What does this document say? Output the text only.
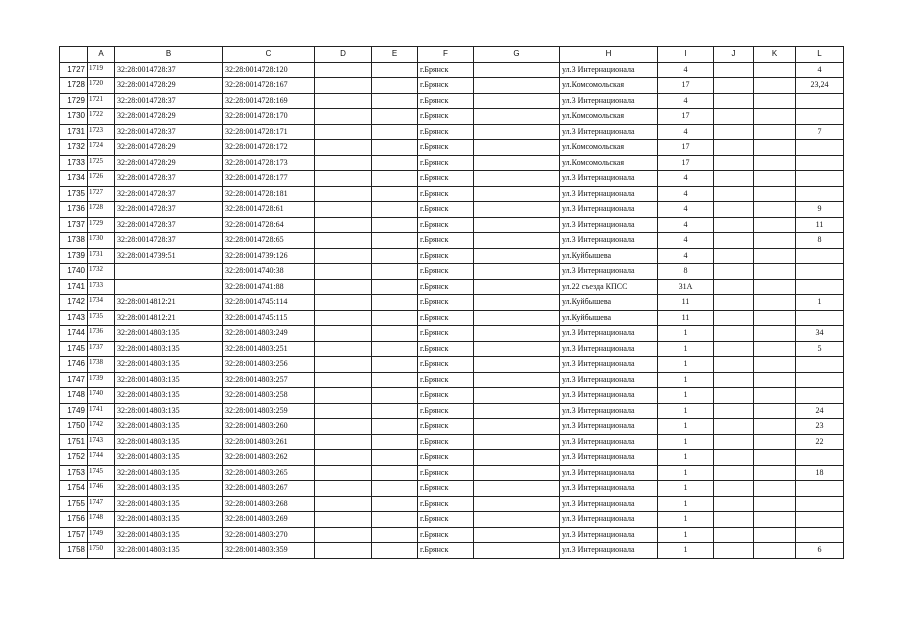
	A	B	C	D	E	F	G	H	I	J	K	L
1727	1719	32:28:0014728:37	32:28:0014728:120			г.Брянск		ул.3 Интернационала	4			4
1728	1720	32:28:0014728:29	32:28:0014728:167			г.Брянск		ул.Комсомольская	17			23,24
1729	1721	32:28:0014728:37	32:28:0014728:169			г.Брянск		ул.3 Интернационала	4			
1730	1722	32:28:0014728:29	32:28:0014728:170			г.Брянск		ул.Комсомольская	17			
1731	1723	32:28:0014728:37	32:28:0014728:171			г.Брянск		ул.3 Интернационала	4			7
1732	1724	32:28:0014728:29	32:28:0014728:172			г.Брянск		ул.Комсомольская	17			
1733	1725	32:28:0014728:29	32:28:0014728:173			г.Брянск		ул.Комсомольская	17			
1734	1726	32:28:0014728:37	32:28:0014728:177			г.Брянск		ул.3 Интернационала	4			
1735	1727	32:28:0014728:37	32:28:0014728:181			г.Брянск		ул.3 Интернационала	4			
1736	1728	32:28:0014728:37	32:28:0014728:61			г.Брянск		ул.3 Интернационала	4			9
1737	1729	32:28:0014728:37	32:28:0014728:64			г.Брянск		ул.3 Интернационала	4			11
1738	1730	32:28:0014728:37	32:28:0014728:65			г.Брянск		ул.3 Интернационала	4			8
1739	1731	32:28:0014739:51	32:28:0014739:126			г.Брянск		ул.Куйбышева	4			
1740	1732		32:28:0014740:38			г.Брянск		ул.3 Интернационала	8			
1741	1733		32:28:0014741:88			г.Брянск		ул.22 съезда КПСС	31А			
1742	1734	32:28:0014812:21	32:28:0014745:114			г.Брянск		ул.Куйбышева	11			1
1743	1735	32:28:0014812:21	32:28:0014745:115			г.Брянск		ул.Куйбышева	11			
1744	1736	32:28:0014803:135	32:28:0014803:249			г.Брянск		ул.3 Интернационала	1			34
1745	1737	32:28:0014803:135	32:28:0014803:251			г.Брянск		ул.3 Интернационала	1			5
1746	1738	32:28:0014803:135	32:28:0014803:256			г.Брянск		ул.3 Интернационала	1			
1747	1739	32:28:0014803:135	32:28:0014803:257			г.Брянск		ул.3 Интернационала	1			
1748	1740	32:28:0014803:135	32:28:0014803:258			г.Брянск		ул.3 Интернационала	1			
1749	1741	32:28:0014803:135	32:28:0014803:259			г.Брянск		ул.3 Интернационала	1			24
1750	1742	32:28:0014803:135	32:28:0014803:260			г.Брянск		ул.3 Интернационала	1			23
1751	1743	32:28:0014803:135	32:28:0014803:261			г.Брянск		ул.3 Интернационала	1			22
1752	1744	32:28:0014803:135	32:28:0014803:262			г.Брянск		ул.3 Интернационала	1			
1753	1745	32:28:0014803:135	32:28:0014803:265			г.Брянск		ул.3 Интернационала	1			18
1754	1746	32:28:0014803:135	32:28:0014803:267			г.Брянск		ул.3 Интернационала	1			
1755	1747	32:28:0014803:135	32:28:0014803:268			г.Брянск		ул.3 Интернационала	1			
1756	1748	32:28:0014803:135	32:28:0014803:269			г.Брянск		ул.3 Интернационала	1			
1757	1749	32:28:0014803:135	32:28:0014803:270			г.Брянск		ул.3 Интернационала	1			
1758	1750	32:28:0014803:135	32:28:0014803:359			г.Брянск		ул.3 Интернационала	1			6
